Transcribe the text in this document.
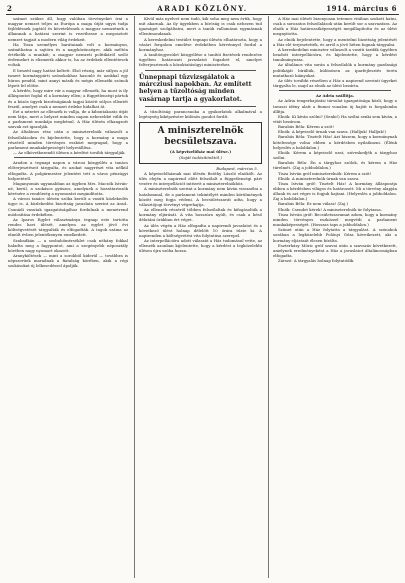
2	ARADI KÖZLÖNY.	1914. március 6

számot szükse áll, hogy valóban törvényeket írni a magyar nemzet teljes az Európa a maga útját ugyis tudja fejlődésnek jogától és követelésnek a magyar nemzetnek a államnak a határai szerint is vezethesse a megosztott nemzet tagjait a modern világ érdekeit.

Ha Tisza személyes barátainak volt a kormányon, számíthatna a sajtóra és a nagyközönségre, akik méltón értékelik a munkát; a magyar nemzeti politikáról szóló érdemeket is elismerik akkor is, ha az érdekek ellentétesek voltak.

E beszéd nagy hatást keltett. Első részig, már súlyos a jól ismert kormánypárti szónokokhoz hasonló és azokkal egy húron pendül, mint annyi másik és mégis ellenzéki szónok lépett fel előtte.

A kérdés, hogy mire vár a magyar ellenzék, ha most is ily álláspontot foglal el a kormány ellen; a függetlenségi pártok és a közös ügyek bizottságának tagjai között súlyos ellentét feszül, amelyet csak a nemzet érdeke hidalhat át.

Ezt a nézetet az ellenzék is vallja, de a kibontakozás útját nem látja, mert a helyzet minden napon nehezebbé válik és a parlament munkája megbénul. A Ház ülésén elhangzott szavak ezt igazolják.

Az általános rész után a miniszterelnök válaszolt a felszólalásokra és kijelentette, hogy a kormány a maga részéről minden törvényes eszközt megragad, hogy a parlament munkaképességét helyreállítsa.

— Az elkövetkezendő ülésen a kérdést tovább tárgyalják.

Aradon a tegnapi napon a városi közgyűlés a tanács előterjesztéseit tárgyalta, és azokat nagyrészt vita nélkül elfogadta. A polgármester jelentést tett a város pénzügyi helyzetéről.

Maganyomás ugyanabban az ügyben Mrs. Maczók István-né, kerül, a szokásos gyászos, amelynek a hozzátartozók kérésére a rendőrség a nyomozást megindította.

A városi tanács ülésén szóba került a vasúti közlekedés ügye is. A közlekedési bizottság javaslata szerint az Arad–Csanádi vasutak igazgatóságához fordulnak a menetrend módosítása érdekében.

Az Iparos Egylet választmánya tegnap este tartotta rendes havi ülését, amelyen az egylet jövő évi költségvetését tárgyalták és elfogadták. A tagok száma az elmúlt évben jelentékenyen emelkedett.

Szabadkán — a szobahőmérséklet csak néhány fokkal haladta meg a fagypontot, ami a szegényebb néposztály körében nagy nyomort okozott.

Aranyköltések — mint a sorokból kiderül — továbbra is népszerűek maradnak a fiatalság körében, akik a régi szokásokat új lelkesedéssel ápolják.

Kívül más nyelvet nem tudó, kik soha meg nem értik, hogy mit akarnak. Az ily ügyekben a bíróság is csak nehezen tud igazságot szolgáltatni, mert a tanúk vallomásai egymásnak ellentmondanak.

A kereskedelmi testület tegnapi ülésén elhatározta, hogy a vásári forgalom emelése érdekében kérvénnyel fordul a kormányhoz.

A tanítóegyesület közgyűlése a tanítói fizetések rendezése ügyében határozati javaslatot fogadott el, amelyet felterjesztenek a közoktatásügyi miniszterhez.

Ünnepnapi tűzvizsgálatok a márcziusi napokban. Az említett helyen a tűzoltóság minden vasárnap tartja a gyakorlatot.

A tűzoltóság parancsnoka a gyakorlatok alkalmával a legénység kiképzésére különös gondot fordít.

A miniszterelnök becsületszava.
(A képviselőház mai ülése.)
(Saját tudósítónktól.)
Budapest, március 5.

A képviselőháznak mai ülésén Beöthy László elnökölt. Az ülés elején a napirend előtt felszólalt a függetlenségi párt vezére és interpellációt intézett a miniszterelnökhöz.

A miniszterelnök szerint a kormány nem kíván visszaélni a hatalommal, de a parlament tekintélyét minden körülmények között meg fogja védeni. A becsületszavát adta, hogy a választójogi törvényt végrehajtja.

Az ellenzék részéről többen felszólaltak és kifogásolták a kormány eljárását. A vita hosszúra nyúlt, és csak a késő délutáni órákban ért véget.

Az ülés végén a Ház elfogadta a napirendi javaslatot és a következő ülést holnap délelőtt 10 órára tűzte ki. A napirenden a költségvetési vita folytatása szerepel.

Az interpellációra adott válaszát a Ház tudomásul vette, az ellenzék azonban kijelentette, hogy a kérdést a legközelebbi ülésen újra szóba hozza.

A Ház mai ülését bizonyosan tetemes vitában szokott hatni, csak a sorozatos felszólalások után került sor a szavazásra. Az elnök a Ház határozatképességét megállapította és az ülést megnyitotta.

Az elnök bejelentette, hogy a mentelmi bizottság jelentését a Ház elé terjesztették, és arról a jövő héten fognak tárgyalni.

A kereskedelmi miniszter válaszolt a vasúti tarifák ügyében beadott interpellációra, és kijelentette, hogy a kérdést tanulmányozza.

Az általános vita során a felszólalók a kormány gazdasági politikáját bírálták, különösen az iparfejlesztés terén mutatkozó hiányokat.

Az ülés további részében a Ház a napirend szerinti ügyeket tárgyalta le, majd az elnök az ülést bezárta.

Az Adria szállítja.

Az Adria tengerhajózási társulat igazgatósága közli, hogy a tavaszi idény alatt a fiumei vonalon új hajóit is forgalomba állítja.

Elnök: Ki kíván szólni? (Senki!) Ha szólni senki sem kíván, a vitát bezárom.

Barabás Béla: Kérem a szót!

Elnök: A képviselő úrnak van szava. (Halljuk! Halljuk!)

Barabás Béla: Tisztelt Ház! Azt hiszem, hogy a kormánynak kötelessége volna ebben a kérdésben nyilatkozni. (Élénk helyeslés a baloldalon.)

Elnök: Kérem a képviselő urat, szíveskedjék a tárgyhoz szólni.

Barabás Béla: Én a tárgyhoz szólok, és kérem a Ház türelmét. (Zaj a jobboldalon.)

Tisza István gróf miniszterelnök: Kérem a szót!

Elnök: A miniszterelnök úrnak van szava.

Tisza István gróf: Tisztelt Ház! A kormány álláspontja ebben a kérdésben világos és határozott. Mi a törvény alapján állunk és azt végre is fogjuk hajtani. (Helyeslés a jobboldalon. Zaj a baloldalon.)

Barabás Béla: Ez nem válasz! (Zaj.)

Elnök: Csendet kérek! A miniszterelnök úr folytassa.

Tisza István gróf: Becsületszavamat adom, hogy a kormány minden törvényes eszközzel megvédi a parlament munkaképességét. (Hosszas taps a jobboldalon.)

Szünet után a Ház folytatta a tárgyalást. A szónokok sorában a legközelebb Polónyi Géza következett, aki a kormány eljárását élesen bírálta.

Eszterházy Móric gróf szavai után a szavazás következett, amelynek eredményeként a Ház a javaslatot általánosságban elfogadta.

Zárszó: A tárgyalás holnap folytatódik.
